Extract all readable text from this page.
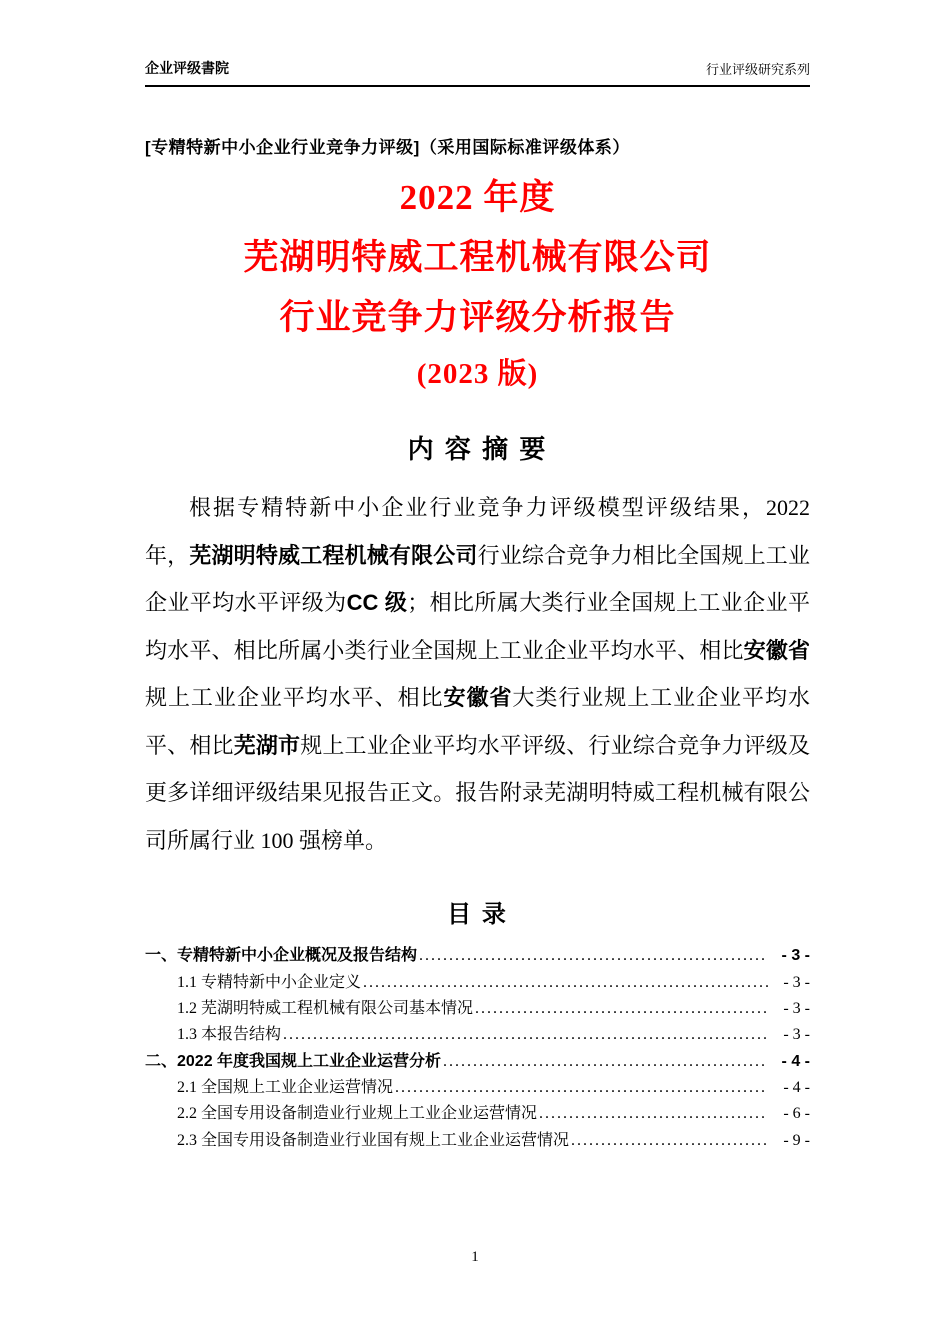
企业评级書院	行业评级研究系列
[专精特新中小企业行业竞争力评级]（采用国际标准评级体系）
2022 年度
芜湖明特威工程机械有限公司
行业竞争力评级分析报告
(2023 版)
内 容 摘 要

根据专精特新中小企业行业竞争力评级模型评级结果，2022 年，芜湖明特威工程机械有限公司行业综合竞争力相比全国规上工业企业平均水平评级为CC 级；相比所属大类行业全国规上工业企业平均水平、相比所属小类行业全国规上工业企业平均水平、相比安徽省规上工业企业平均水平、相比安徽省大类行业规上工业企业平均水平、相比芜湖市规上工业企业平均水平评级、行业综合竞争力评级及更多详细评级结果见报告正文。报告附录芜湖明特威工程机械有限公司所属行业 100 强榜单。

目 录
一、专精特新中小企业概况及报告结构 .....	- 3 -
1.1 专精特新中小企业定义 .....	- 3 -
1.2 芜湖明特威工程机械有限公司基本情况 .....	- 3 -
1.3 本报告结构 .....	- 3 -
二、2022 年度我国规上工业企业运营分析 .....	- 4 -
2.1 全国规上工业企业运营情况 .....	- 4 -
2.2 全国专用设备制造业行业规上工业企业运营情况 .....	- 6 -
2.3 全国专用设备制造业行业国有规上工业企业运营情况 .....	- 9 -
1
